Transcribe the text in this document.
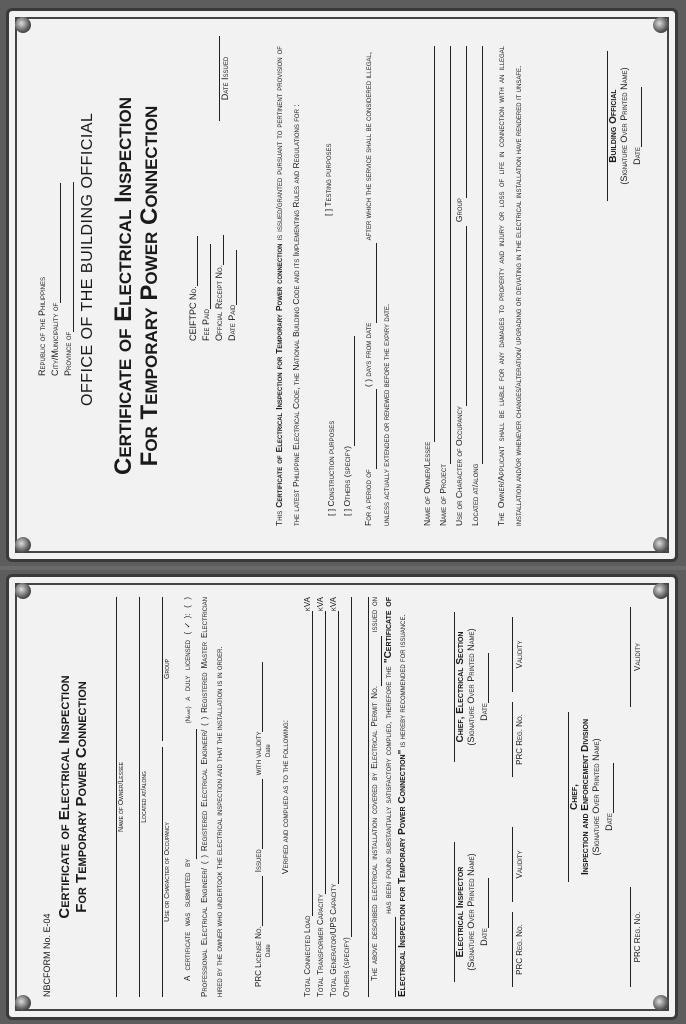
Republic of the Philippines City/Municipality of Province of OFFICE OF THE BUILDING OFFICIAL Certificate of Electrical Inspection For Temporary Power Connection
Date Issued
CEIFTPC No. Fee Paid Official Receipt No. Date Paid
This Certificate of Electrical Inspection for Temporary Power connection is issued/granted pursuant to pertinent provision of the latest Philippine Electrical Code, the National Building Code and its Implementing Rules and Regulations for :	[ ] Construction purposes [ ] Others (specify)
[ ] Testing purposes
For a period of ( ) days from date after which the service shall be considered illegal, unless actually extended or renewed before the expiry date.	Name of Owner/Lessee Name of Project Use or Character of Occupancy
Group
Located at/along	The Owner/Applicant shall be liable for any damages to property and injury or loss of life in connection with an illegal installation and/or whenever changes/alteration/ upgrading or deviating in the electrical installation have rendered it unsafe.	Building Official (Signature Over Printed Name) Date
NBCFORM No. E-04
Certificate of Electrical Inspection For Temporary Power Connection	Name of Owner/Lessee Located at/along
Use or Character of Occupancy
Group
A certificate was submitted by (Name) a duly licensed (✓): ( ) Professional Electrical Engineer/ ( ) Registered Electrical Engineer/ ( ) Registered Master Electrician hired by the owner who undertook the electrical inspection and that the installation is in order.	PRC License No.
Issued
with validity
Date
Date Verified and complied as to the following:
Total Connected Load
kVA
Total Transformer Capacity
kVA
Total Generator/UPS Capacity
kVA
Others (specify) The above described electrical installation covered by Electrical Permit No. issued on has been found substantially satisfactory complied, therefore the "Certificate of Electrical Inspection for Temporary Power Connection" is hereby recommended for issuance.
Electrical Inspector (Signature Over Printed Name) Date
Chief, Electrical Section (Signature Over Printed Name) Date
PRC Reg. No.
Validity
PRC Reg. No.
Validity
Chief, Inspection and Enforcement Division (Signature Over Printed Name) Date
PRC Reg. No.
Validity
